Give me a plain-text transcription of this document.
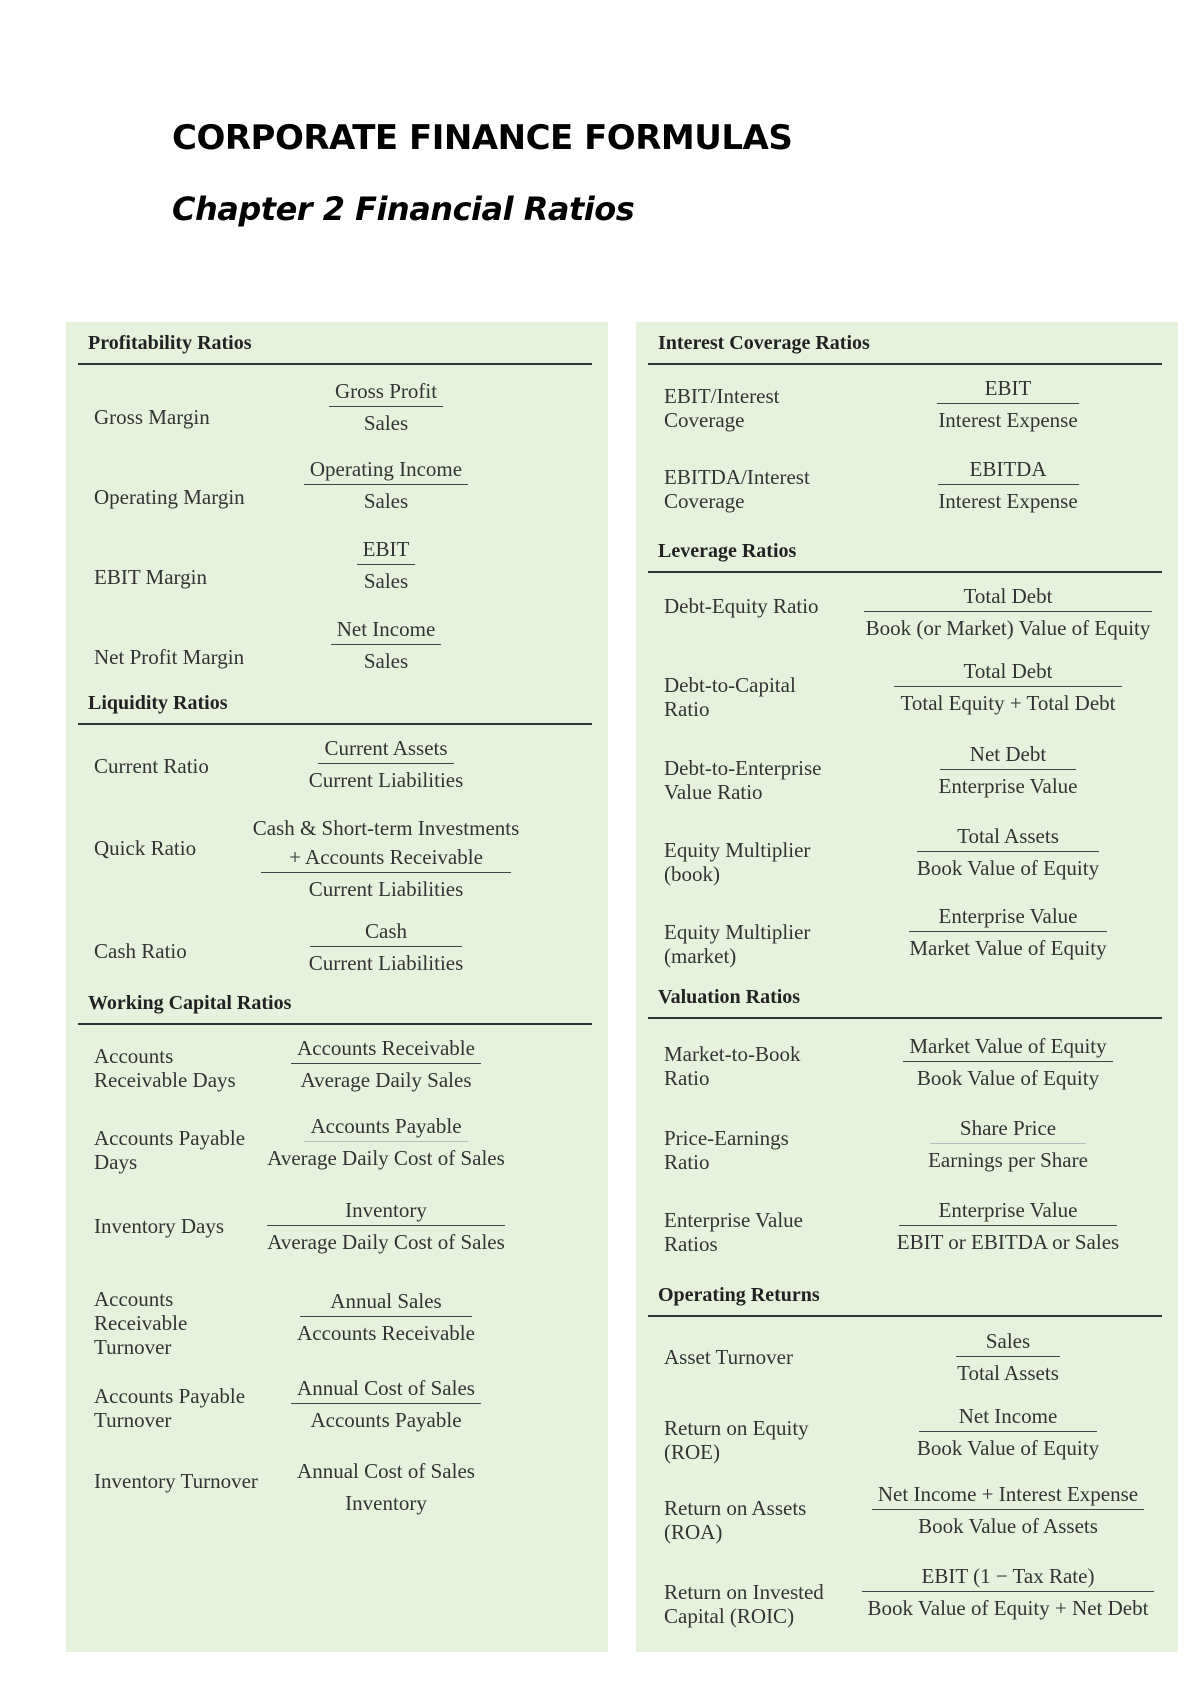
CORPORATE FINANCE FORMULAS
Chapter 2 Financial Ratios
Profitability Ratios
Gross Margin
Gross Profit
Sales
Operating Margin
Operating Income
Sales
EBIT Margin
EBIT
Sales
Net Profit Margin
Net Income
Sales
Liquidity Ratios
Current Ratio
Current Assets
Current Liabilities
Quick Ratio
Cash & Short-term Investments
+ Accounts Receivable
Current Liabilities
Cash Ratio
Cash
Current Liabilities
Working Capital Ratios
Accounts
Receivable Days
Accounts Receivable
Average Daily Sales
Accounts Payable
Days
Accounts Payable
Average Daily Cost of Sales
Inventory Days
Inventory
Average Daily Cost of Sales
Accounts
Receivable
Turnover
Annual Sales
Accounts Receivable
Accounts Payable
Turnover
Annual Cost of Sales
Accounts Payable
Inventory Turnover	Annual Cost of Sales
Inventory
Interest Coverage Ratios
EBIT/Interest
Coverage
EBIT
Interest Expense
EBITDA/Interest
Coverage
EBITDA
Interest Expense
Leverage Ratios
Debt-Equity Ratio	Total Debt
Book (or Market) Value of Equity
Debt-to-Capital
Ratio
Total Debt
Total Equity + Total Debt
Debt-to-Enterprise
Value Ratio
Net Debt
Enterprise Value
Equity Multiplier
(book)
Total Assets
Book Value of Equity
Equity Multiplier
(market)
Enterprise Value
Market Value of Equity
Valuation Ratios
Market-to-Book
Ratio
Market Value of Equity
Book Value of Equity
Price-Earnings
Ratio
Share Price
Earnings per Share
Enterprise Value
Ratios
Enterprise Value
EBIT or EBITDA or Sales
Operating Returns
Asset Turnover
Sales
Total Assets
Return on Equity
(ROE)
Net Income
Book Value of Equity
Return on Assets
(ROA)
Net Income + Interest Expense
Book Value of Assets
Return on Invested
Capital (ROIC)
EBIT (1 − Tax Rate)
Book Value of Equity + Net Debt
